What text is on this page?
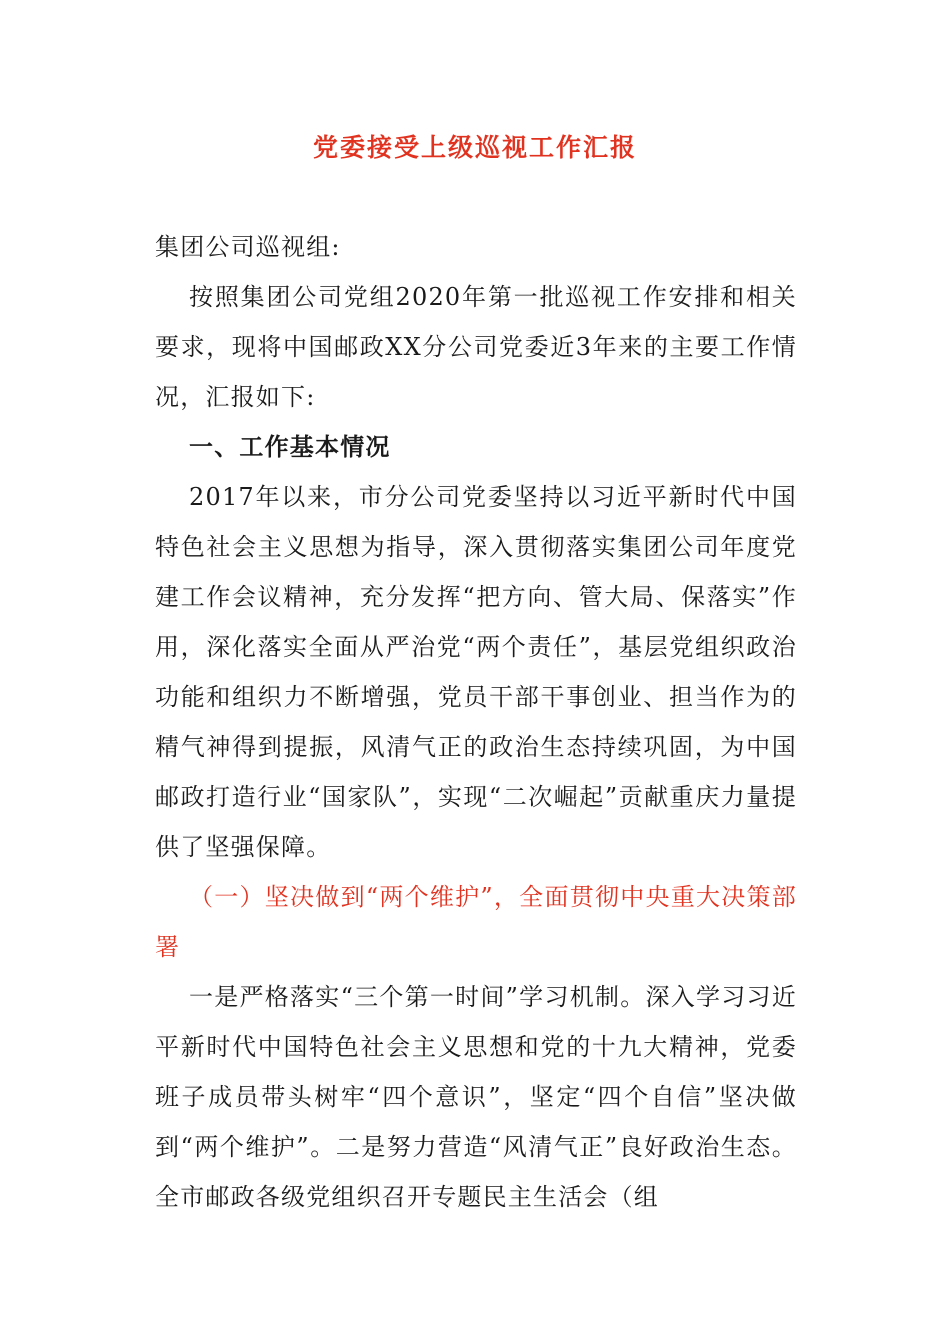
党委接受上级巡视工作汇报

集团公司巡视组:

按照集团公司党组2020年第一批巡视工作安排和相关要求，现将中国邮政XX分公司党委近3年来的主要工作情况，汇报如下:

一、工作基本情况

2017年以来，市分公司党委坚持以习近平新时代中国特色社会主义思想为指导，深入贯彻落实集团公司年度党建工作会议精神，充分发挥“把方向、管大局、保落实”作用，深化落实全面从严治党“两个责任”，基层党组织政治功能和组织力不断增强，党员干部干事创业、担当作为的精气神得到提振，风清气正的政治生态持续巩固，为中国邮政打造行业“国家队”，实现“二次崛起”贡献重庆力量提供了坚强保障。

（一）坚决做到“两个维护”，全面贯彻中央重大决策部署

一是严格落实“三个第一时间”学习机制。深入学习习近平新时代中国特色社会主义思想和党的十九大精神，党委班子成员带头树牢“四个意识”，坚定“四个自信”坚决做到“两个维护”。二是努力营造“风清气正”良好政治生态。全市邮政各级党组织召开专题民主生活会（组
